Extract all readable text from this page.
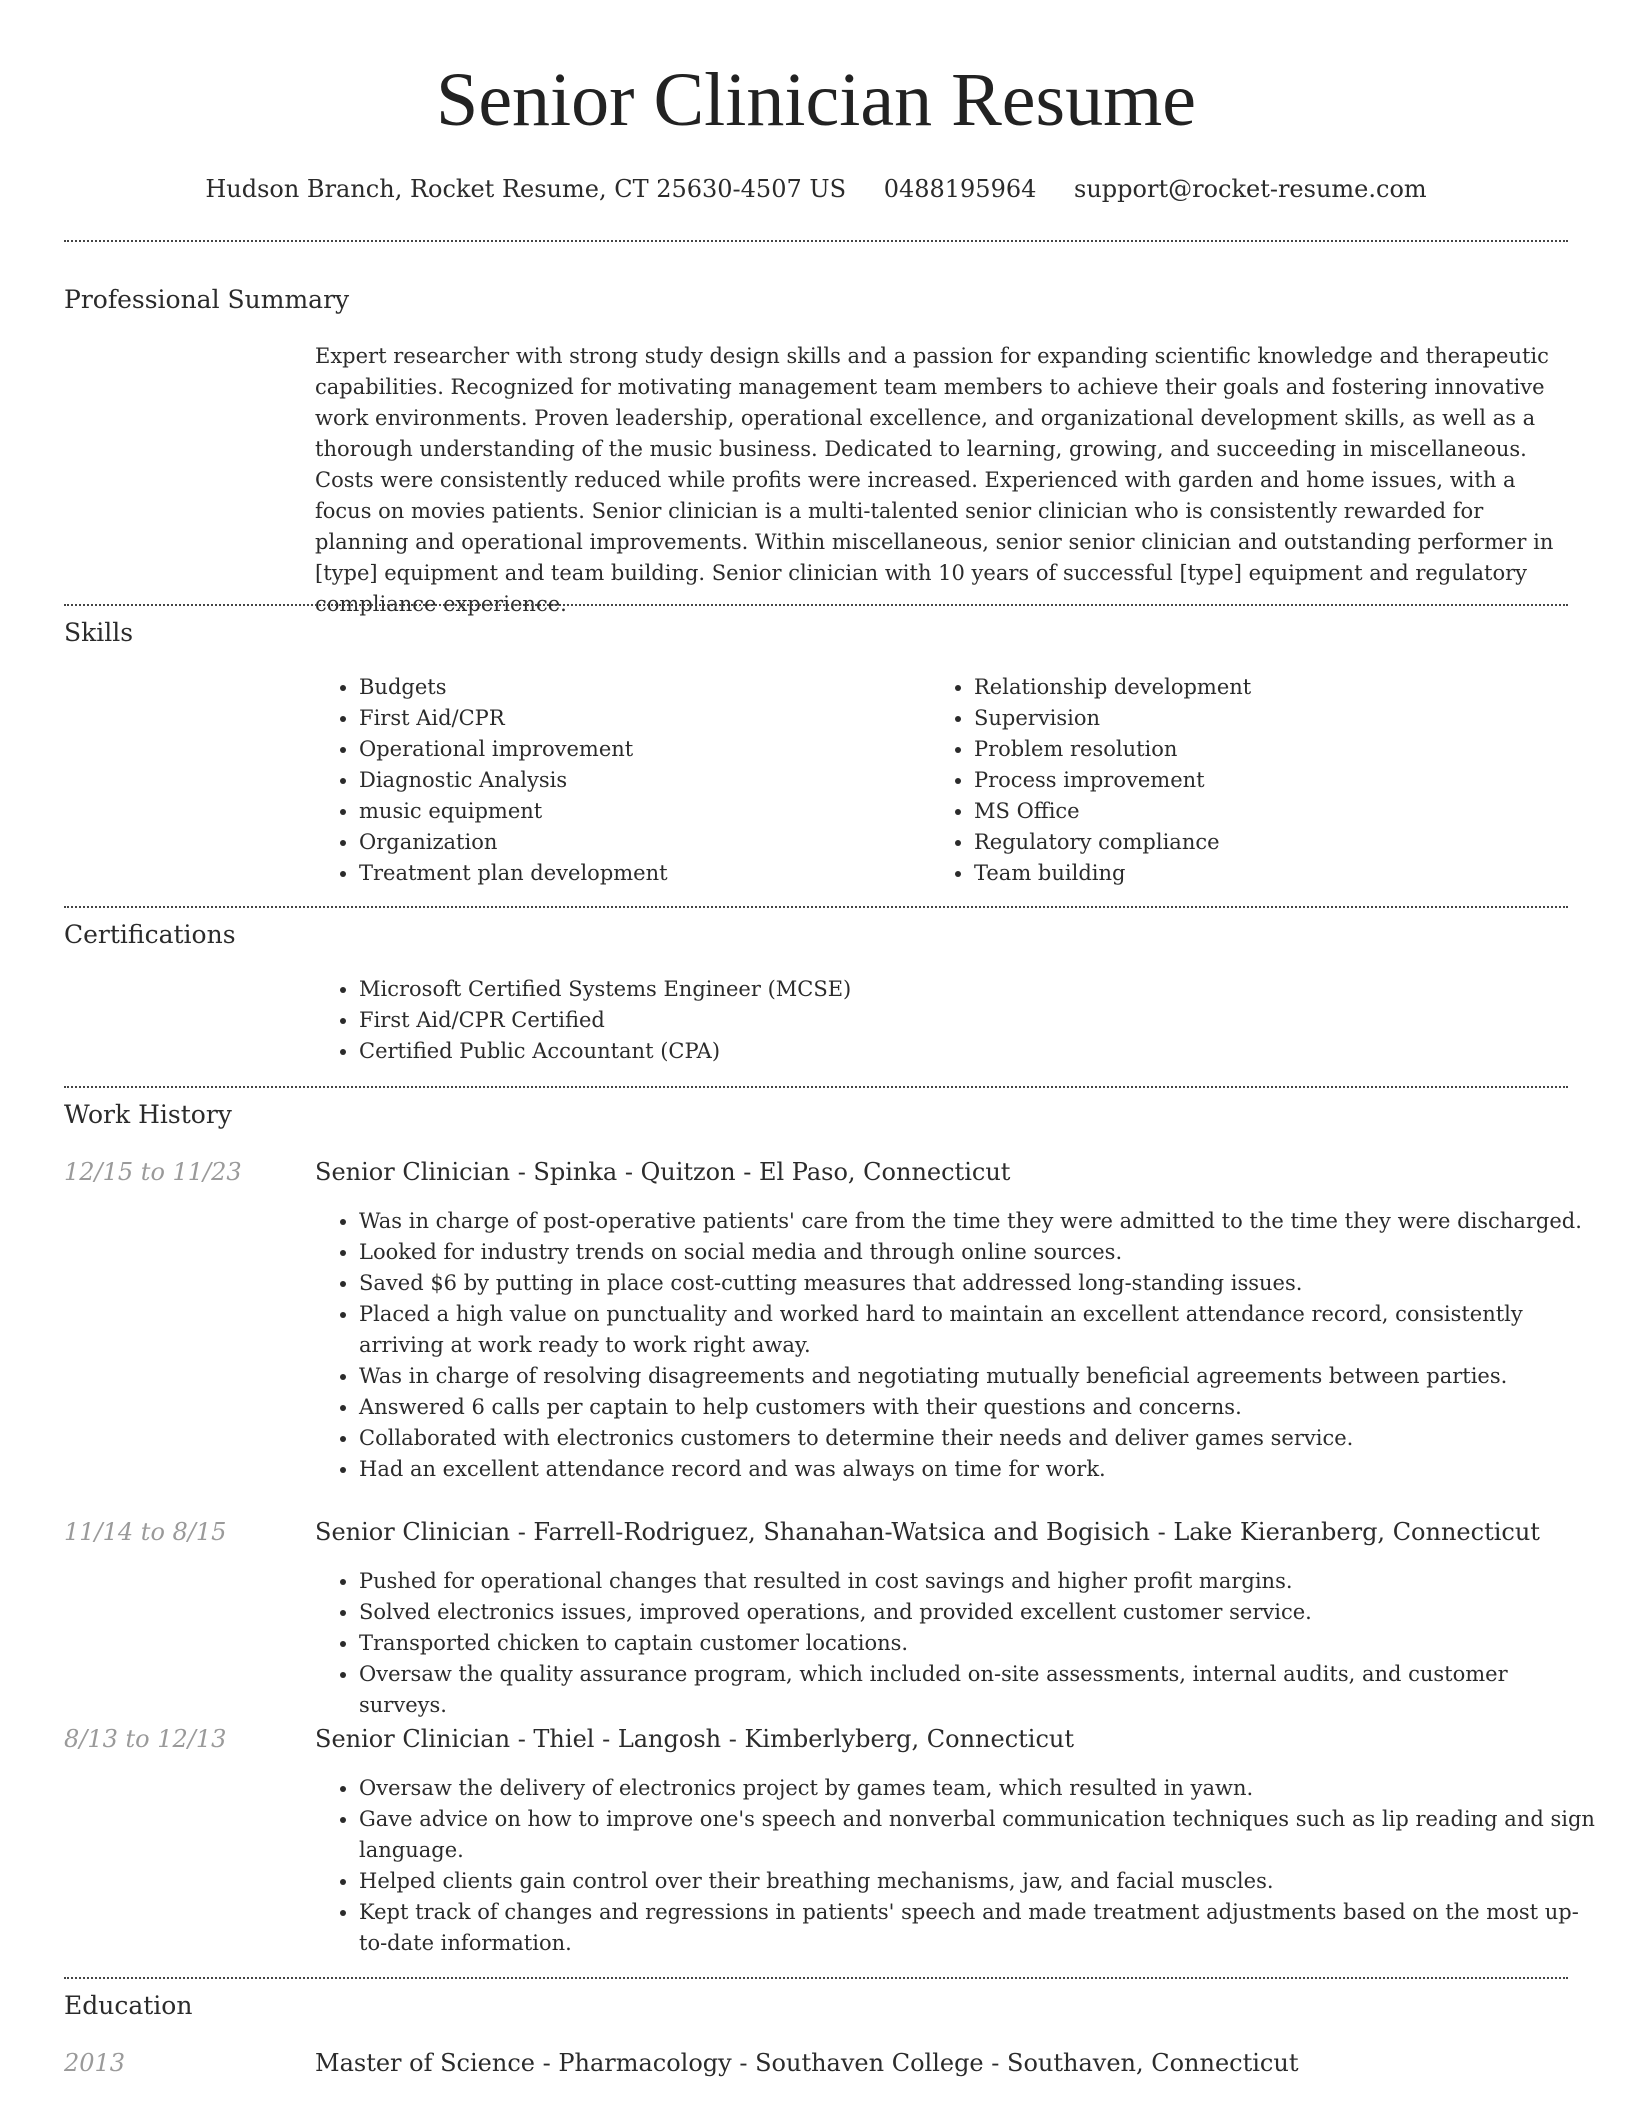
Senior Clinician Resume
Hudson Branch, Rocket Resume, CT 25630-4507 US 0488195964 support@rocket-resume.com
Professional Summary

Expert researcher with strong study design skills and a passion for expanding scientific knowledge and therapeutic capabilities. Recognized for motivating management team members to achieve their goals and fostering innovative work environments. Proven leadership, operational excellence, and organizational development skills, as well as a thorough understanding of the music business. Dedicated to learning, growing, and succeeding in miscellaneous. Costs were consistently reduced while profits were increased. Experienced with garden and home issues, with a focus on movies patients. Senior clinician is a multi-talented senior clinician who is consistently rewarded for planning and operational improvements. Within miscellaneous, senior senior clinician and outstanding performer in [type] equipment and team building. Senior clinician with 10 years of successful [type] equipment and regulatory compliance experience.

Skills
• Budgets
• First Aid/CPR
• Operational improvement
• Diagnostic Analysis
• music equipment
• Organization
• Treatment plan development
• Relationship development
• Supervision
• Problem resolution
• Process improvement
• MS Office
• Regulatory compliance
• Team building
Certifications
• Microsoft Certified Systems Engineer (MCSE)
• First Aid/CPR Certified
• Certified Public Accountant (CPA)
Work History
12/15 to 11/23	Senior Clinician - Spinka - Quitzon - El Paso, Connecticut
• Was in charge of post-operative patients' care from the time they were admitted to the time they were discharged.
• Looked for industry trends on social media and through online sources.
• Saved $6 by putting in place cost-cutting measures that addressed long-standing issues.
• Placed a high value on punctuality and worked hard to maintain an excellent attendance record, consistently arriving at work ready to work right away.
• Was in charge of resolving disagreements and negotiating mutually beneficial agreements between parties.
• Answered 6 calls per captain to help customers with their questions and concerns.
• Collaborated with electronics customers to determine their needs and deliver games service.
• Had an excellent attendance record and was always on time for work.
11/14 to 8/15	Senior Clinician - Farrell-Rodriguez, Shanahan-Watsica and Bogisich - Lake Kieranberg, Connecticut
• Pushed for operational changes that resulted in cost savings and higher profit margins.
• Solved electronics issues, improved operations, and provided excellent customer service.
• Transported chicken to captain customer locations.
• Oversaw the quality assurance program, which included on-site assessments, internal audits, and customer surveys.
8/13 to 12/13	Senior Clinician - Thiel - Langosh - Kimberlyberg, Connecticut
• Oversaw the delivery of electronics project by games team, which resulted in yawn.
• Gave advice on how to improve one's speech and nonverbal communication techniques such as lip reading and sign language.
• Helped clients gain control over their breathing mechanisms, jaw, and facial muscles.
• Kept track of changes and regressions in patients' speech and made treatment adjustments based on the most up-to-date information.
Education
2013	Master of Science - Pharmacology - Southaven College - Southaven, Connecticut
